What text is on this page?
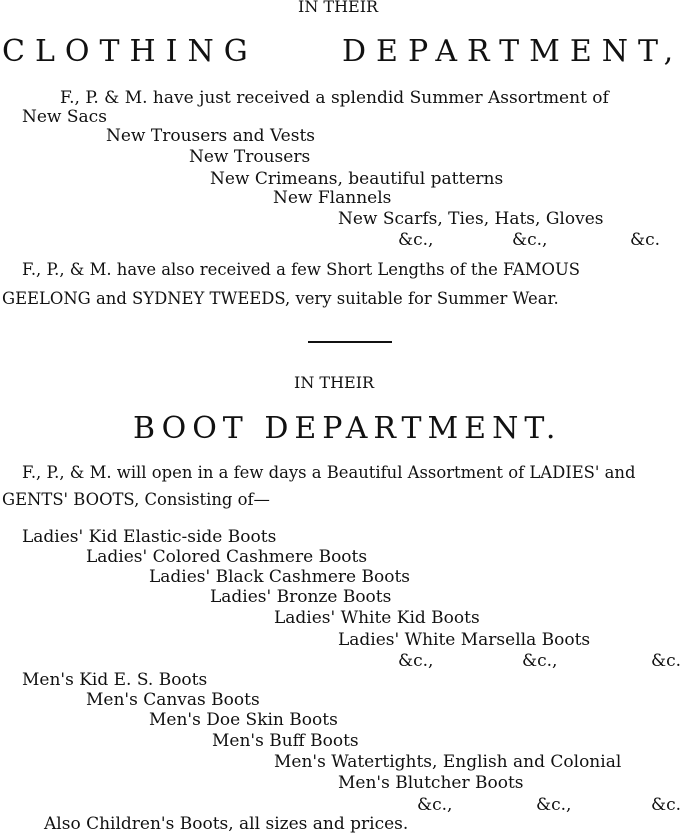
IN THEIR
CLOTHING	DEPARTMENT,
F., P. & M. have just received a splendid Summer Assortment of
New Sacs
New Trousers and Vests
New Trousers
New Crimeans, beautiful patterns
New Flannels
New Scarfs, Ties, Hats, Gloves
&c.,	&c.,	&c.
F., P., & M. have also received a few Short Lengths of the FAMOUS
GEELONG and SYDNEY TWEEDS, very suitable for Summer Wear.
IN THEIR
BOOT DEPARTMENT.
F., P., & M. will open in a few days a Beautiful Assortment of LADIES' and
GENTS' BOOTS, Consisting of—
Ladies' Kid Elastic-side Boots
Ladies' Colored Cashmere Boots
Ladies' Black Cashmere Boots
Ladies' Bronze Boots
Ladies' White Kid Boots
Ladies' White Marsella Boots
&c.,	&c.,	&c.
Men's Kid E. S. Boots
Men's Canvas Boots
Men's Doe Skin Boots
Men's Buff Boots
Men's Watertights, English and Colonial
Men's Blutcher Boots
&c.,	&c.,	&c.
Also Children's Boots, all sizes and prices.
